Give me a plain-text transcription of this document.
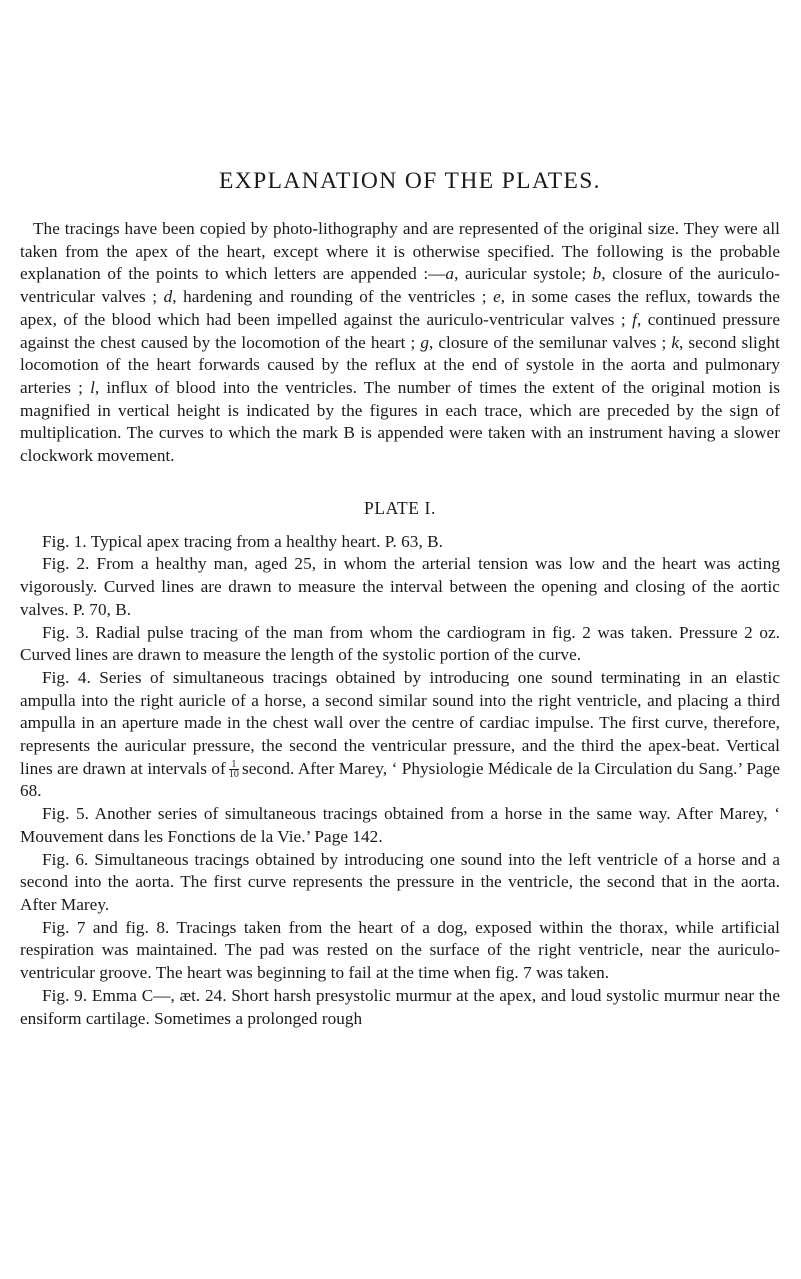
EXPLANATION OF THE PLATES.

The tracings have been copied by photo-lithography and are represented of the original size. They were all taken from the apex of the heart, except where it is otherwise specified. The following is the probable explanation of the points to which letters are appended :—a, auricular systole; b, closure of the auriculo-ventricular valves ; d, hardening and rounding of the ventricles ; e, in some cases the reflux, towards the apex, of the blood which had been impelled against the auriculo-ventricular valves ; f, continued pressure against the chest caused by the locomotion of the heart ; g, closure of the semilunar valves ; k, second slight locomotion of the heart forwards caused by the reflux at the end of systole in the aorta and pulmonary arteries ; l, influx of blood into the ventricles. The number of times the extent of the original motion is magnified in vertical height is indicated by the figures in each trace, which are preceded by the sign of multiplication. The curves to which the mark B is appended were taken with an instrument having a slower clockwork movement.

PLATE I.

Fig. 1. Typical apex tracing from a healthy heart. P. 63, B.

Fig. 2. From a healthy man, aged 25, in whom the arterial tension was low and the heart was acting vigorously. Curved lines are drawn to measure the interval between the opening and closing of the aortic valves. P. 70, B.

Fig. 3. Radial pulse tracing of the man from whom the cardiogram in fig. 2 was taken. Pressure 2 oz. Curved lines are drawn to measure the length of the systolic portion of the curve.

Fig. 4. Series of simultaneous tracings obtained by introducing one sound terminating in an elastic ampulla into the right auricle of a horse, a second similar sound into the right ventricle, and placing a third ampulla in an aperture made in the chest wall over the centre of cardiac impulse. The first curve, therefore, represents the auricular pressure, the second the ventricular pressure, and the third the apex-beat. Vertical lines are drawn at intervals of $\frac{1}{10}$ second. After Marey, ‘ Physiologie Médicale de la Circulation du Sang.’ Page 68.

Fig. 5. Another series of simultaneous tracings obtained from a horse in the same way. After Marey, ‘ Mouvement dans les Fonctions de la Vie.’ Page 142.

Fig. 6. Simultaneous tracings obtained by introducing one sound into the left ventricle of a horse and a second into the aorta. The first curve represents the pressure in the ventricle, the second that in the aorta. After Marey.

Fig. 7 and fig. 8. Tracings taken from the heart of a dog, exposed within the thorax, while artificial respiration was maintained. The pad was rested on the surface of the right ventricle, near the auriculo-ventricular groove. The heart was beginning to fail at the time when fig. 7 was taken.

Fig. 9. Emma C—, æt. 24. Short harsh presystolic murmur at the apex, and loud systolic murmur near the ensiform cartilage. Sometimes a prolonged rough
